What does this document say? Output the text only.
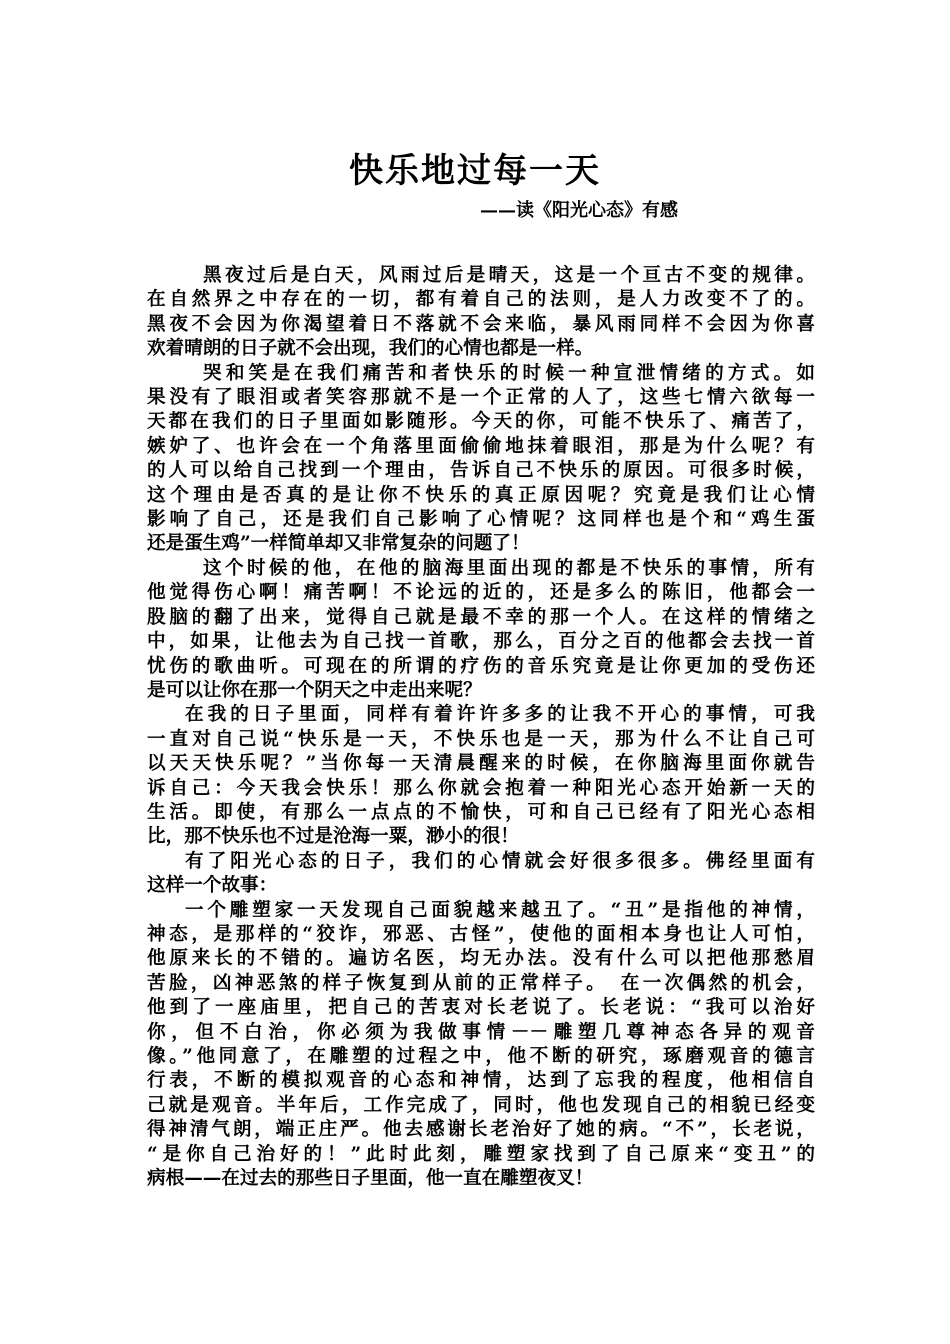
快乐地过每一天
——读《阳光心态》有感

黑夜过后是白天，风雨过后是晴天，这是一个亘古不变的规律。
在自然界之中存在的一切，都有着自己的法则，是人力改变不了的。
黑夜不会因为你渴望着日不落就不会来临，暴风雨同样不会因为你喜
欢着晴朗的日子就不会出现，我们的心情也都是一样。

哭和笑是在我们痛苦和者快乐的时候一种宣泄情绪的方式。如
果没有了眼泪或者笑容那就不是一个正常的人了，这些七情六欲每一
天都在我们的日子里面如影随形。今天的你，可能不快乐了、痛苦了，
嫉妒了、也许会在一个角落里面偷偷地抹着眼泪，那是为什么呢？有
的人可以给自己找到一个理由，告诉自己不快乐的原因。可很多时候，
这个理由是否真的是让你不快乐的真正原因呢？究竟是我们让心情
影响了自己，还是我们自己影响了心情呢？这同样也是个和“鸡生蛋
还是蛋生鸡”一样简单却又非常复杂的问题了！

这个时候的他，在他的脑海里面出现的都是不快乐的事情，所有
他觉得伤心啊！痛苦啊！不论远的近的，还是多么的陈旧，他都会一
股脑的翻了出来，觉得自己就是最不幸的那一个人。在这样的情绪之
中，如果，让他去为自己找一首歌，那么，百分之百的他都会去找一首
忧伤的歌曲听。可现在的所谓的疗伤的音乐究竟是让你更加的受伤还
是可以让你在那一个阴天之中走出来呢？

在我的日子里面，同样有着许许多多的让我不开心的事情，可我
一直对自己说“快乐是一天，不快乐也是一天，那为什么不让自己可
以天天快乐呢？”当你每一天清晨醒来的时候，在你脑海里面你就告
诉自己：今天我会快乐！那么你就会抱着一种阳光心态开始新一天的
生活。即使，有那么一点点的不愉快，可和自己已经有了阳光心态相
比，那不快乐也不过是沧海一粟，渺小的很！

有了阳光心态的日子，我们的心情就会好很多很多。佛经里面有
这样一个故事：

一个雕塑家一天发现自己面貌越来越丑了。“丑”是指他的神情，
神态，是那样的“狡诈，邪恶、古怪”，使他的面相本身也让人可怕，
他原来长的不错的。遍访名医，均无办法。没有什么可以把他那愁眉
苦脸，凶神恶煞的样子恢复到从前的正常样子。　在一次偶然的机会，
他到了一座庙里，把自己的苦衷对长老说了。长老说：“我可以治好
你，但不白治，你必须为我做事情－－雕塑几尊神态各异的观音
像。”他同意了，在雕塑的过程之中，他不断的研究，琢磨观音的德言
行表，不断的模拟观音的心态和神情，达到了忘我的程度，他相信自
己就是观音。半年后，工作完成了，同时，他也发现自己的相貌已经变
得神清气朗，端正庄严。他去感谢长老治好了她的病。“不”，长老说，
“是你自己治好的！”此时此刻，雕塑家找到了自己原来“变丑”的
病根——在过去的那些日子里面，他一直在雕塑夜叉！
